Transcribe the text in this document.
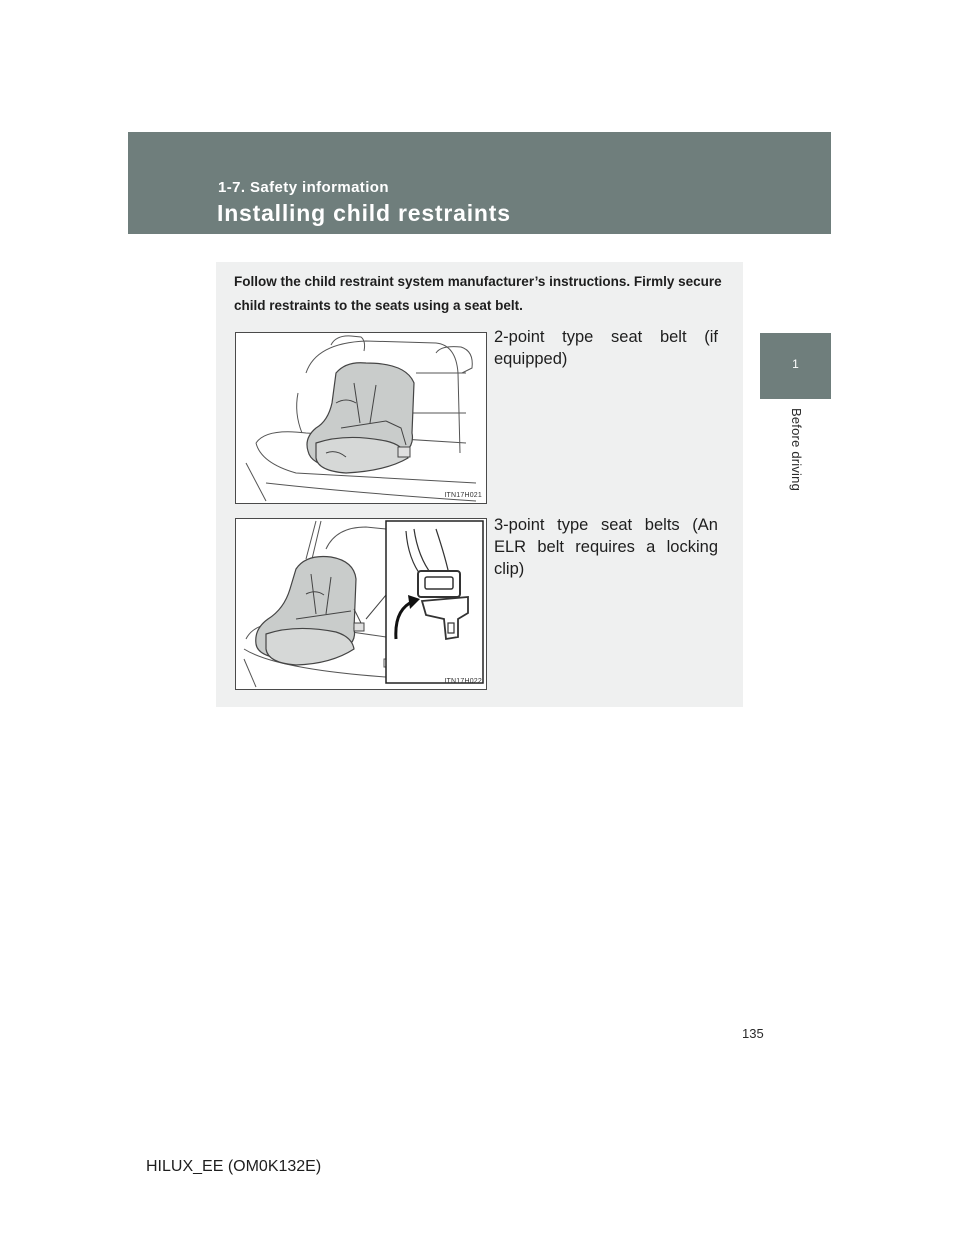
1-7. Safety information
Installing child restraints
1
Before driving
Follow the child restraint system manufacturer’s instructions. Firmly secure child restraints to the seats using a seat belt.
ITN17H021
2-point type seat belt (if equipped)
ITN17H022
3-point type seat belts (An ELR belt requires a locking clip)
135
HILUX_EE (OM0K132E)
